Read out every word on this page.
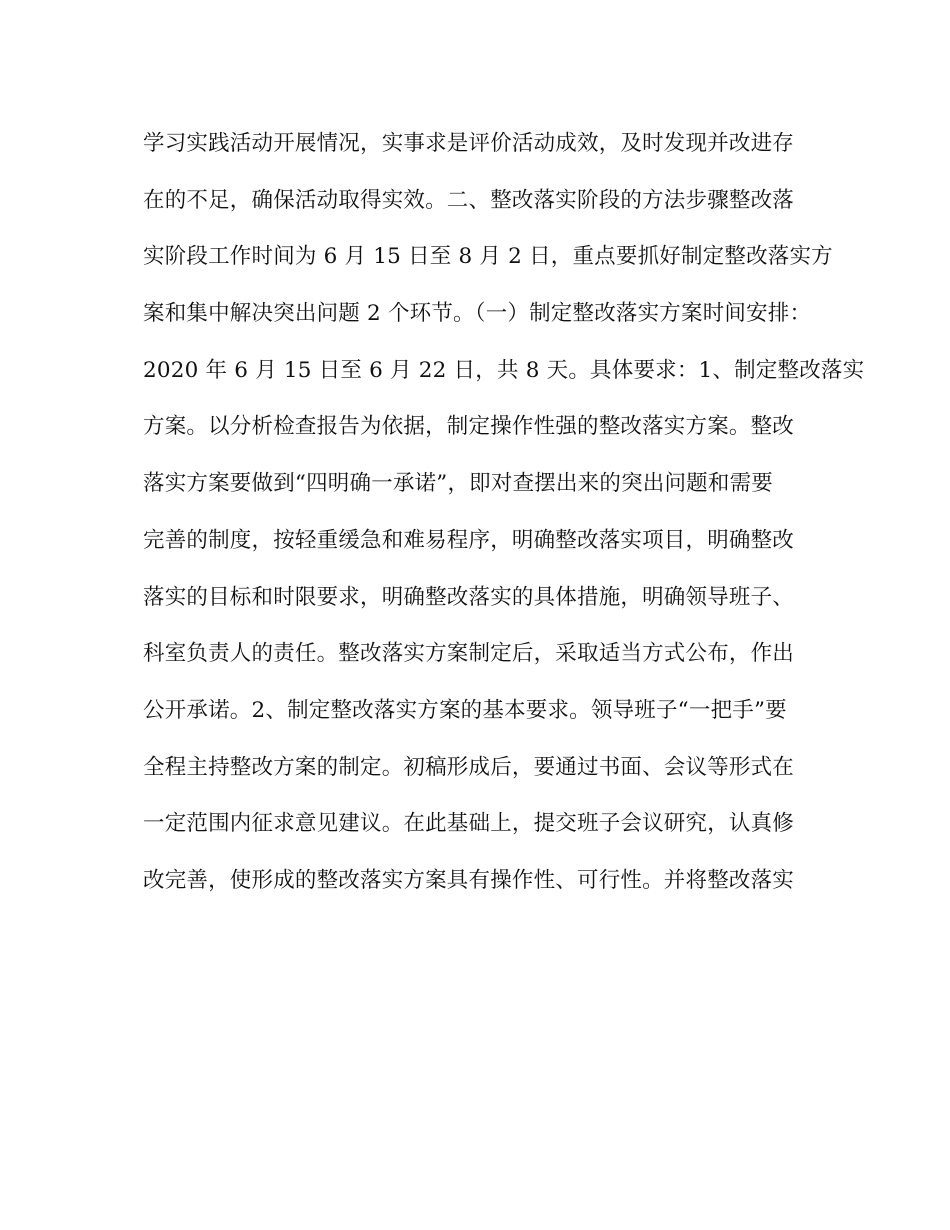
学习实践活动开展情况，实事求是评价活动成效，及时发现并改进存
在的不足，确保活动取得实效。二、整改落实阶段的方法步骤整改落
实阶段工作时间为 6 月 15 日至 8 月 2 日，重点要抓好制定整改落实方
案和集中解决突出问题 2 个环节。（一）制定整改落实方案时间安排：
2020 年 6 月 15 日至 6 月 22 日，共 8 天。具体要求：1、制定整改落实
方案。以分析检查报告为依据，制定操作性强的整改落实方案。整改
落实方案要做到“四明确一承诺”，即对查摆出来的突出问题和需要
完善的制度，按轻重缓急和难易程序，明确整改落实项目，明确整改
落实的目标和时限要求，明确整改落实的具体措施，明确领导班子、
科室负责人的责任。整改落实方案制定后，采取适当方式公布，作出
公开承诺。2、制定整改落实方案的基本要求。领导班子“一把手”要
全程主持整改方案的制定。初稿形成后，要通过书面、会议等形式在
一定范围内征求意见建议。在此基础上，提交班子会议研究，认真修
改完善，使形成的整改落实方案具有操作性、可行性。并将整改落实
